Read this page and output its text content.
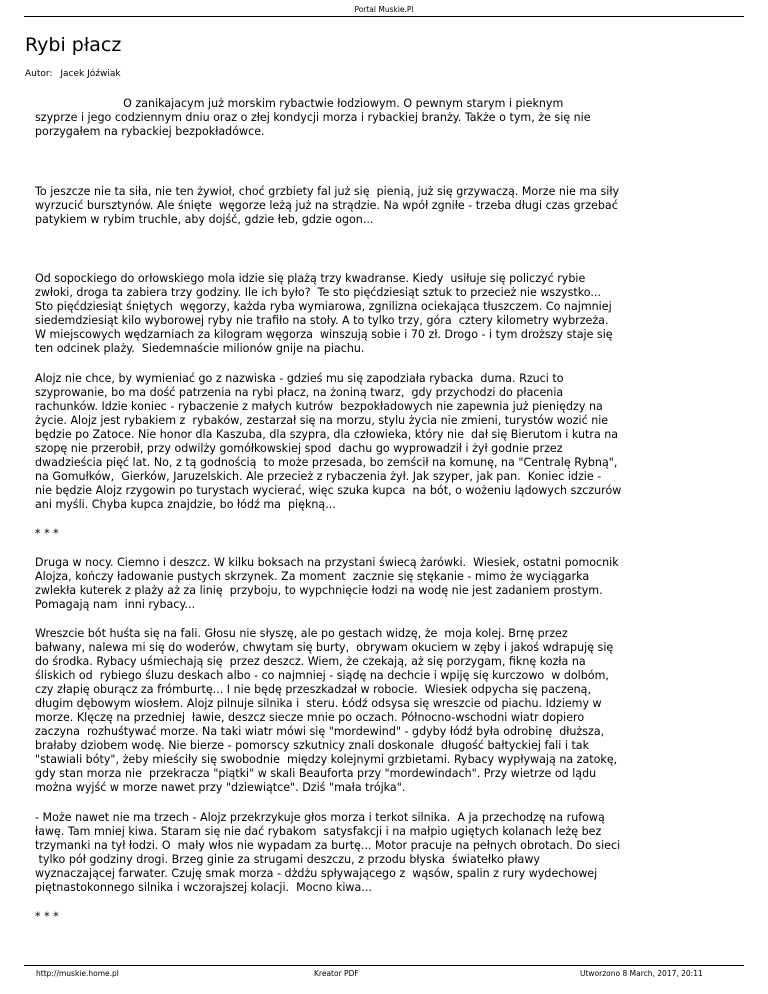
Portal Muskie.Pl
Rybi płacz
Autor: Jacek Jóźwiak

O zanikajacym już morskim rybactwie łodziowym. O pewnym starym i pieknym
szyprze i jego codziennym dniu oraz o złej kondycji morza i rybackiej branży. Także o tym, że się nie
porzygałem na rybackiej bezpokładówce.

To jeszcze nie ta siła, nie ten żywioł, choć grzbiety fal już się  pienią, już się grzywaczą. Morze nie ma siły
wyrzucić bursztynów. Ale śnięte  węgorze leżą już na strądzie. Na wpół zgniłe - trzeba długi czas grzebać
patykiem w rybim truchle, aby dojść, gdzie łeb, gdzie ogon...

Od sopockiego do orłowskiego mola idzie się plażą trzy kwadranse. Kiedy  usiłuje się policzyć rybie
zwłoki, droga ta zabiera trzy godziny. Ile ich było?  Te sto pięćdziesiąt sztuk to przecież nie wszystko...
Sto pięćdziesiąt śniętych  węgorzy, każda ryba wymiarowa, zgnilizna ociekająca tłuszczem. Co najmniej
siedemdziesiąt kilo wyborowej ryby nie trafiło na stoły. A to tylko trzy, góra  cztery kilometry wybrzeża.
W miejscowych wędzarniach za kilogram węgorza  winszują sobie i 70 zł. Drogo - i tym droższy staje się
ten odcinek plaży.  Siedemnaście milionów gnije na piachu.

Alojz nie chce, by wymieniać go z nazwiska - gdzieś mu się zapodziała rybacka  duma. Rzuci to
szyprowanie, bo ma dość patrzenia na rybi płacz, na żoniną twarz,  gdy przychodzi do płacenia
rachunków. Idzie koniec - rybaczenie z małych kutrów  bezpokładowych nie zapewnia już pieniędzy na
życie. Alojz jest rybakiem z  rybaków, zestarzał się na morzu, stylu życia nie zmieni, turystów wozić nie
będzie po Zatoce. Nie honor dla Kaszuba, dla szypra, dla człowieka, który nie  dał się Bierutom i kutra na
szopę nie przerobił, przy odwilży gomółkowskiej spod  dachu go wyprowadził i żył godnie przez
dwadzieścia pięć lat. No, z tą godnością  to może przesada, bo zemścił na komunę, na "Centralę Rybną",
na Gomułków,  Gierków, Jaruzelskich. Ale przecież z rybaczenia żył. Jak szyper, jak pan.  Koniec idzie -
nie będzie Alojz rzygowin po turystach wycierać, więc szuka kupca  na bót, o wożeniu lądowych szczurów
ani myśli. Chyba kupca znajdzie, bo łódź ma  piękną...

* * *

Druga w nocy. Ciemno i deszcz. W kilku boksach na przystani świecą żarówki.  Wiesiek, ostatni pomocnik
Alojza, kończy ładowanie pustych skrzynek. Za moment  zacznie się stękanie - mimo że wyciągarka
zwlekła kuterek z plaży aż za linię  przyboju, to wypchnięcie łodzi na wodę nie jest zadaniem prostym.
Pomagają nam  inni rybacy...

Wreszcie bót huśta się na fali. Głosu nie słyszę, ale po gestach widzę, że  moja kolej. Brnę przez
bałwany, nalewa mi się do woderów, chwytam się burty,  obrywam okuciem w zęby i jakoś wdrapuję się
do środka. Rybacy uśmiechają się  przez deszcz. Wiem, że czekają, aż się porzygam, fiknę kozła na
śliskich od  rybiego śluzu deskach albo - co najmniej - siądę na dechcie i wpiję się kurczowo  w dolbóm,
czy złapię oburącz za frómburtę... I nie będę przeszkadzał w robocie.  Wiesiek odpycha się paczeną,
długim dębowym wiosłem. Alojz pilnuje silnika i  steru. Łódź odsysa się wreszcie od piachu. Idziemy w
morze. Klęczę na przedniej  ławie, deszcz siecze mnie po oczach. Północno-wschodni wiatr dopiero
zaczyna  rozhuśtywać morze. Na taki wiatr mówi się "mordewind" - gdyby łódź była odrobinę  dłuższa,
brałaby dziobem wodę. Nie bierze - pomorscy szkutnicy znali doskonale  długość bałtyckiej fali i tak
"stawiali bóty", żeby mieściły się swobodnie  między kolejnymi grzbietami. Rybacy wypływają na zatokę,
gdy stan morza nie  przekracza "piątki" w skali Beauforta przy "mordewindach". Przy wietrze od lądu
można wyjść w morze nawet przy "dziewiątce". Dziś "mała trójka".

- Może nawet nie ma trzech - Alojz przekrzykuje głos morza i terkot silnika.  A ja przechodzę na rufową
ławę. Tam mniej kiwa. Staram się nie dać rybakom  satysfakcji i na małpio ugiętych kolanach leżę bez
trzymanki na tył łodzi. O  mały włos nie wypadam za burtę... Motor pracuje na pełnych obrotach. Do sieci
tylko pół godziny drogi. Brzeg ginie za strugami deszczu, z przodu błyska  światełko pławy
wyznaczającej farwater. Czuję smak morza - dżdżu spływającego z  wąsów, spalin z rury wydechowej
piętnastokonnego silnika i wczorajszej kolacji.  Mocno kiwa...

* * *

http://muskie.home.pl	Kreator PDF	Utworzono 8 March, 2017, 20:11
